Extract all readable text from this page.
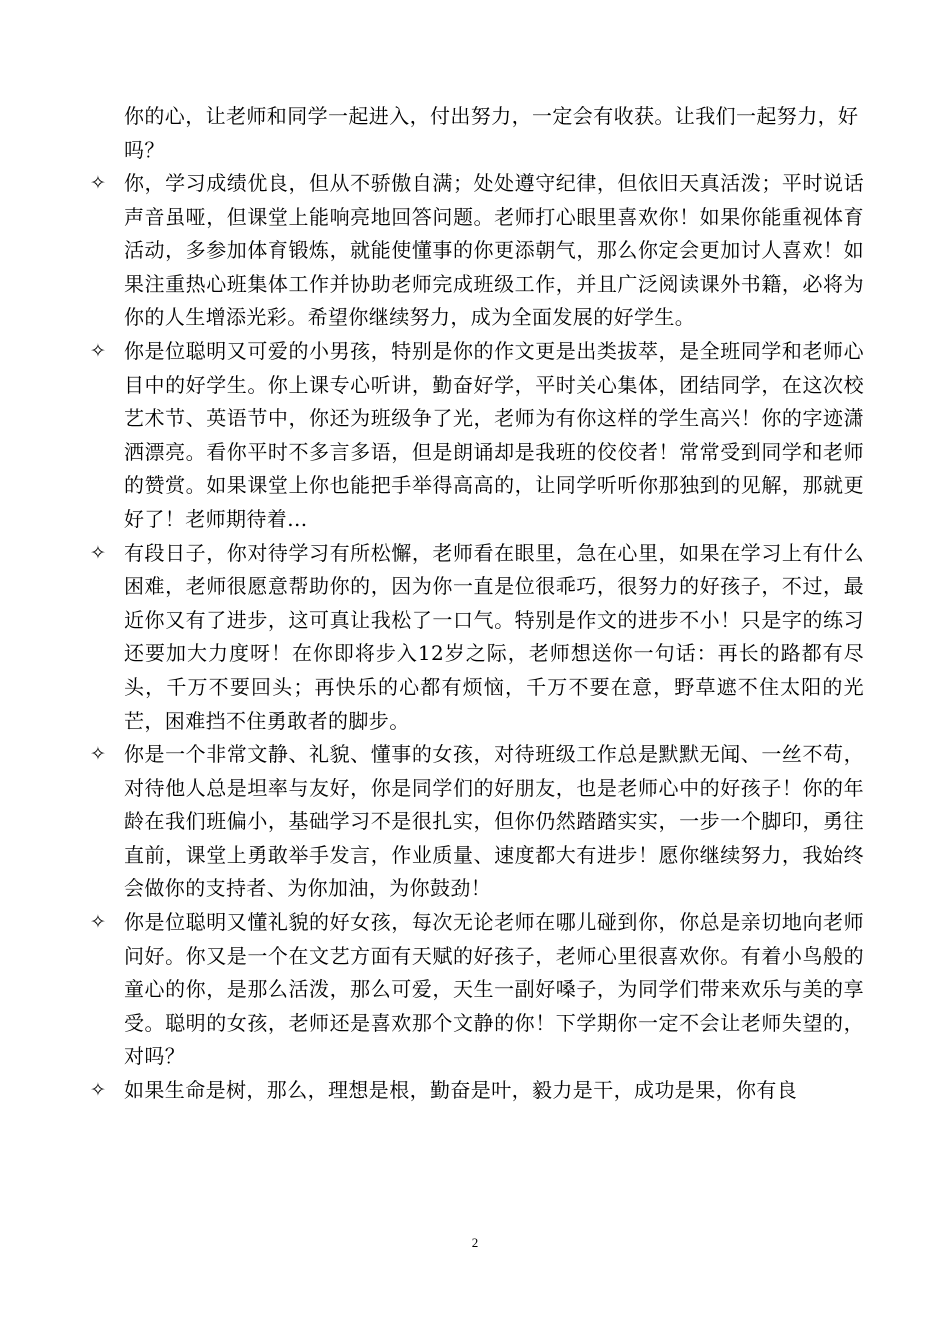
你的心，让老师和同学一起进入，付出努力，一定会有收获。让我们一起努力，好吗？
✧ 你，学习成绩优良，但从不骄傲自满；处处遵守纪律，但依旧天真活泼；平时说话声音虽哑，但课堂上能响亮地回答问题。老师打心眼里喜欢你！如果你能重视体育活动，多参加体育锻炼，就能使懂事的你更添朝气，那么你定会更加讨人喜欢！如果注重热心班集体工作并协助老师完成班级工作，并且广泛阅读课外书籍，必将为你的人生增添光彩。希望你继续努力，成为全面发展的好学生。
✧ 你是位聪明又可爱的小男孩，特别是你的作文更是出类拔萃，是全班同学和老师心目中的好学生。你上课专心听讲，勤奋好学，平时关心集体，团结同学，在这次校艺术节、英语节中，你还为班级争了光，老师为有你这样的学生高兴！你的字迹潇洒漂亮。看你平时不多言多语，但是朗诵却是我班的佼佼者！常常受到同学和老师的赞赏。如果课堂上你也能把手举得高高的，让同学听听你那独到的见解，那就更好了！老师期待着...
✧ 有段日子，你对待学习有所松懈，老师看在眼里，急在心里，如果在学习上有什么困难，老师很愿意帮助你的，因为你一直是位很乖巧，很努力的好孩子，不过，最近你又有了进步，这可真让我松了一口气。特别是作文的进步不小！只是字的练习还要加大力度呀！在你即将步入12岁之际，老师想送你一句话：再长的路都有尽头，千万不要回头；再快乐的心都有烦恼，千万不要在意，野草遮不住太阳的光芒，困难挡不住勇敢者的脚步。
✧ 你是一个非常文静、礼貌、懂事的女孩，对待班级工作总是默默无闻、一丝不苟，对待他人总是坦率与友好，你是同学们的好朋友，也是老师心中的好孩子！你的年龄在我们班偏小，基础学习不是很扎实，但你仍然踏踏实实，一步一个脚印，勇往直前，课堂上勇敢举手发言，作业质量、速度都大有进步！愿你继续努力，我始终会做你的支持者、为你加油，为你鼓劲！
✧ 你是位聪明又懂礼貌的好女孩，每次无论老师在哪儿碰到你，你总是亲切地向老师问好。你又是一个在文艺方面有天赋的好孩子，老师心里很喜欢你。有着小鸟般的童心的你，是那么活泼，那么可爱，天生一副好嗓子，为同学们带来欢乐与美的享受。聪明的女孩，老师还是喜欢那个文静的你！下学期你一定不会让老师失望的，对吗？
✧ 如果生命是树，那么，理想是根，勤奋是叶，毅力是干，成功是果，你有良
2
